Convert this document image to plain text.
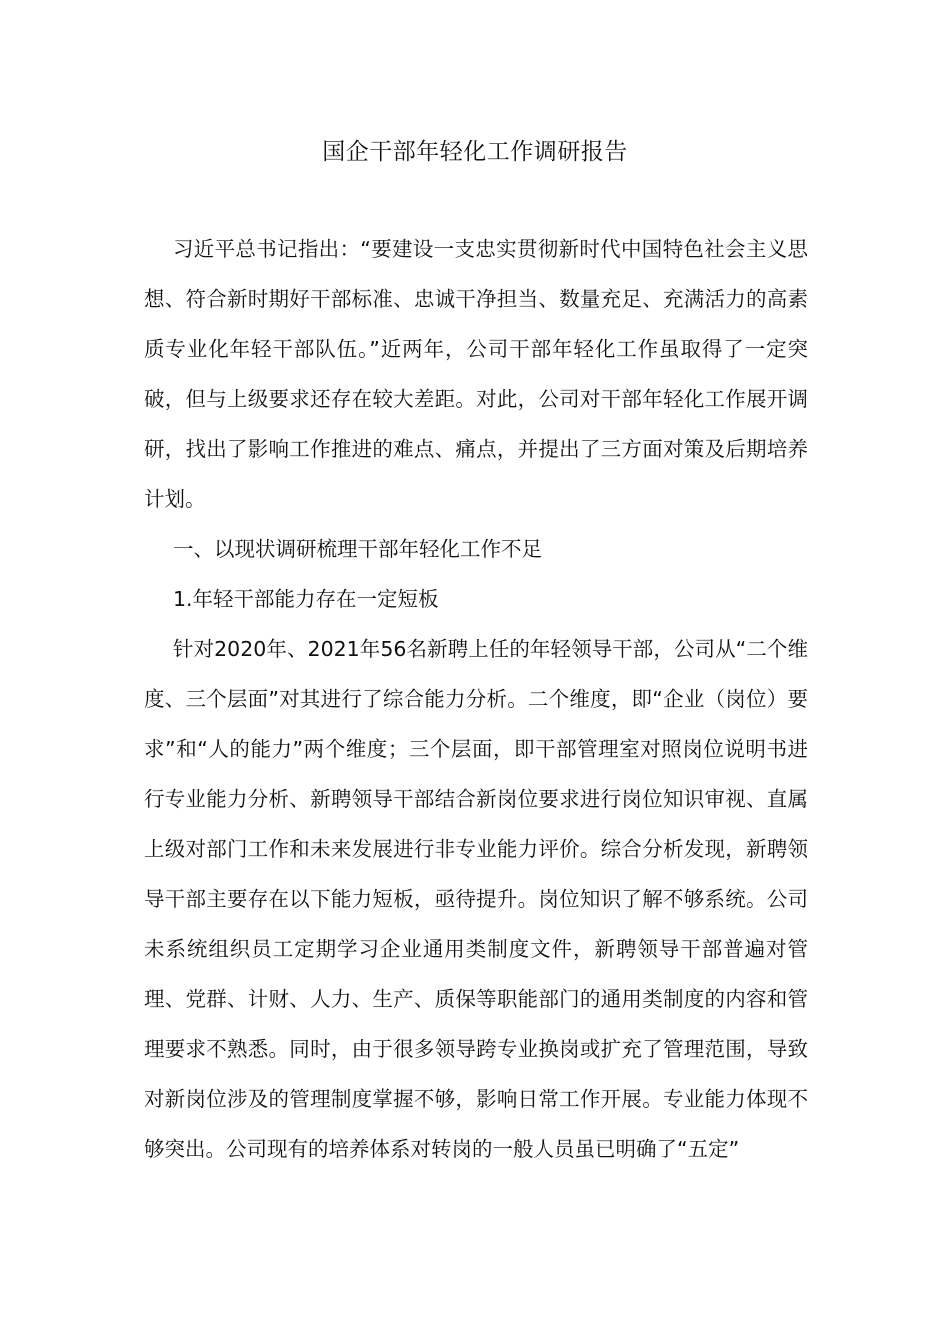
国企干部年轻化工作调研报告

习近平总书记指出：“要建设一支忠实贯彻新时代中国特色社会主义思想、符合新时期好干部标准、忠诚干净担当、数量充足、充满活力的高素质专业化年轻干部队伍。”近两年，公司干部年轻化工作虽取得了一定突破，但与上级要求还存在较大差距。对此，公司对干部年轻化工作展开调研，找出了影响工作推进的难点、痛点，并提出了三方面对策及后期培养计划。

一、以现状调研梳理干部年轻化工作不足

1.年轻干部能力存在一定短板

针对2020年、2021年56名新聘上任的年轻领导干部，公司从“二个维度、三个层面”对其进行了综合能力分析。二个维度，即“企业（岗位）要求”和“人的能力”两个维度；三个层面，即干部管理室对照岗位说明书进行专业能力分析、新聘领导干部结合新岗位要求进行岗位知识审视、直属上级对部门工作和未来发展进行非专业能力评价。综合分析发现，新聘领导干部主要存在以下能力短板，亟待提升。岗位知识了解不够系统。公司未系统组织员工定期学习企业通用类制度文件，新聘领导干部普遍对管理、党群、计财、人力、生产、质保等职能部门的通用类制度的内容和管理要求不熟悉。同时，由于很多领导跨专业换岗或扩充了管理范围，导致对新岗位涉及的管理制度掌握不够，影响日常工作开展。专业能力体现不够突出。公司现有的培养体系对转岗的一般人员虽已明确了“五定”
